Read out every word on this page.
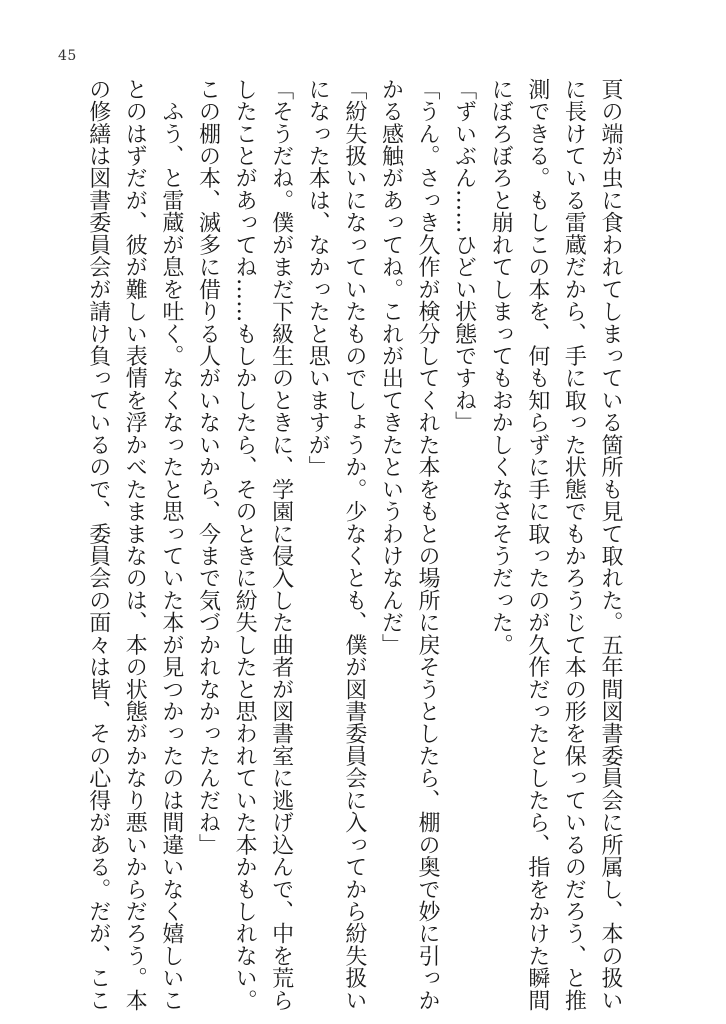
45
頁の端が虫に食われてしまっている箇所も見て取れた。五年間図書委員会に所属し、本の扱い
に長けている雷蔵だから、手に取った状態でもかろうじて本の形を保っているのだろう、と推
測できる。もしこの本を、何も知らずに手に取ったのが久作だったとしたら、指をかけた瞬間
にぼろぼろと崩れてしまってもおかしくなさそうだった。
「ずいぶん……ひどい状態ですね」
「うん。さっき久作が検分してくれた本をもとの場所に戻そうとしたら、棚の奥で妙に引っか
かる感触があってね。これが出てきたというわけなんだ」
「紛失扱いになっていたものでしょうか。少なくとも、僕が図書委員会に入ってから紛失扱い
になった本は、なかったと思いますが」
「そうだね。僕がまだ下級生のときに、学園に侵入した曲者が図書室に逃げ込んで、中を荒ら
したことがあってね……もしかしたら、そのときに紛失したと思われていた本かもしれない。
この棚の本、滅多に借りる人がいないから、今まで気づかれなかったんだね」
　ふう、と雷蔵が息を吐く。なくなったと思っていた本が見つかったのは間違いなく嬉しいこ
とのはずだが、彼が難しい表情を浮かべたままなのは、本の状態がかなり悪いからだろう。本
の修繕は図書委員会が請け負っているので、委員会の面々は皆、その心得がある。だが、ここ
